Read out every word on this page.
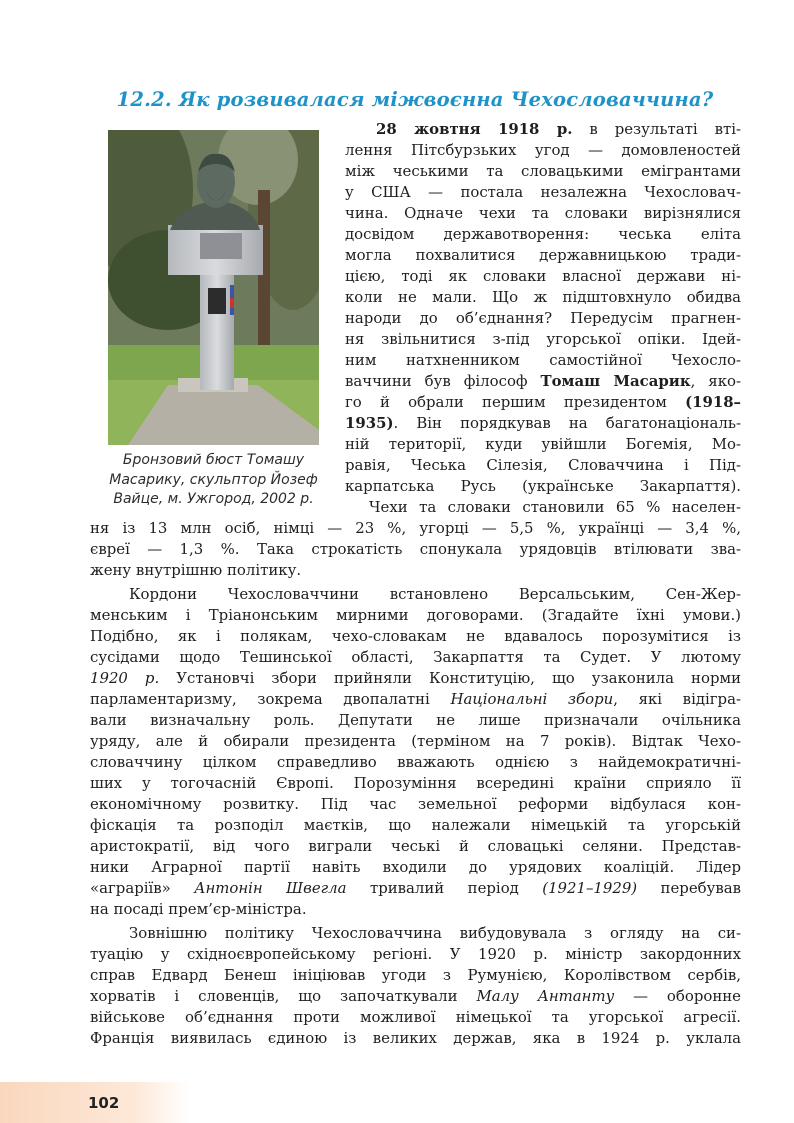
12.2. Як розвивалася міжвоєнна Чехословаччина?
Бронзовий бюст Томашу Масарику, скульптор Йозеф Вайце, м. Ужгород, 2002 р.
28 жовтня 1918 р. в результаті вті-
лення Пітсбурзьких угод — домовленостей
між чеськими та словацькими емігрантами
у США — постала незалежна Чехословач-
чина. Одначе чехи та словаки вирізнялися
досвідом державотворення: чеська еліта
могла похвалитися державницькою тради-
цією, тоді як словаки власної держави ні-
коли не мали. Що ж підштовхнуло обидва
народи до об’єднання? Передусім прагнен-
ня звільнитися з-під угорської опіки. Ідей-
ним натхненником самостійної Чехосло-
ваччини був філософ Томаш Масарик, яко-
го й обрали першим президентом (1918–
1935). Він порядкував на багатонаціональ-
ній території, куди увійшли Богемія, Мо-
равія, Чеська Сілезія, Словаччина і Під-
карпатська Русь (українське Закарпаття).
Чехи та словаки становили 65 % населен-
ня із 13 млн осіб, німці — 23 %, угорці — 5,5 %, українці — 3,4 %,
євреї — 1,3 %. Така строкатість спонукала урядовців втілювати зва-
жену внутрішню політику.
Кордони Чехословаччини встановлено Версальським, Сен-Жер-
менським і Тріанонським мирними договорами. (Згадайте їхні умови.)
Подібно, як і полякам, чехо-словакам не вдавалось порозумітися із
сусідами щодо Тешинської області, Закарпаття та Судет. У лютому
1920 р. Установчі збори прийняли Конституцію, що узаконила норми
парламентаризму, зокрема двопалатні Національні збори, які відігра-
вали визначальну роль. Депутати не лише призначали очільника
уряду, але й обирали президента (терміном на 7 років). Відтак Чехо-
словаччину цілком справедливо вважають однією з найдемократичні-
ших у тогочасній Європі. Порозуміння всередині країни сприяло її
економічному розвитку. Під час земельної реформи відбулася кон-
фіскація та розподіл маєтків, що належали німецькій та угорській
аристократії, від чого виграли чеські й словацькі селяни. Представ-
ники Аграрної партії навіть входили до урядових коаліцій. Лідер
«аграріїв» Антонін Швегла тривалий період (1921–1929) перебував
на посаді прем’єр-міністра.
Зовнішню політику Чехословаччина вибудовувала з огляду на си-
туацію у східноєвропейському регіоні. У 1920 р. міністр закордонних
справ Едвард Бенеш ініціював угоди з Румунією, Королівством сербів,
хорватів і словенців, що започаткували Малу Антанту — оборонне
військове об’єднання проти можливої німецької та угорської агресії.
Франція виявилась єдиною із великих держав, яка в 1924 р. уклала
102
